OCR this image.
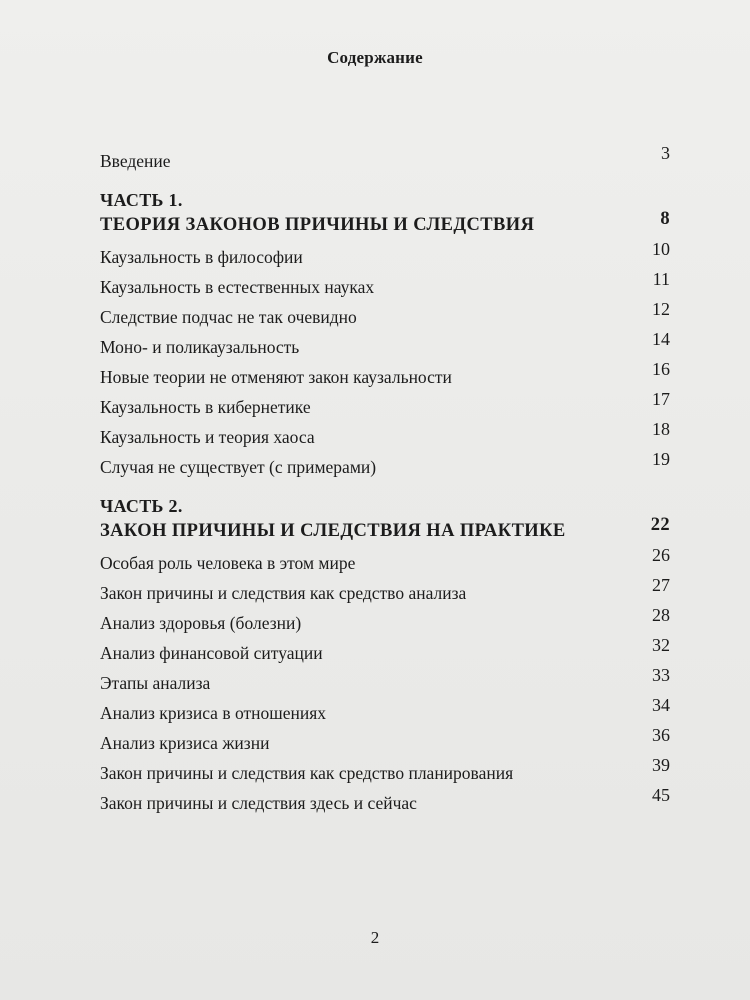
Содержание
Введение	3
ЧАСТЬ 1.
ТЕОРИЯ ЗАКОНОВ ПРИЧИНЫ И СЛЕДСТВИЯ	8
Каузальность в философии	10
Каузальность в естественных науках	11
Следствие подчас не так очевидно	12
Моно- и поликаузальность	14
Новые теории не отменяют закон каузальности	16
Каузальность в кибернетике	17
Каузальность и теория хаоса	18
Случая не существует (с примерами)	19
ЧАСТЬ 2.
ЗАКОН ПРИЧИНЫ И СЛЕДСТВИЯ НА ПРАКТИКЕ	22
Особая роль человека в этом мире	26
Закон причины и следствия как средство анализа	27
Анализ здоровья (болезни)	28
Анализ финансовой ситуации	32
Этапы анализа	33
Анализ кризиса в отношениях	34
Анализ кризиса жизни	36
Закон причины и следствия как средство планирования	39
Закон причины и следствия здесь и сейчас	45
2
